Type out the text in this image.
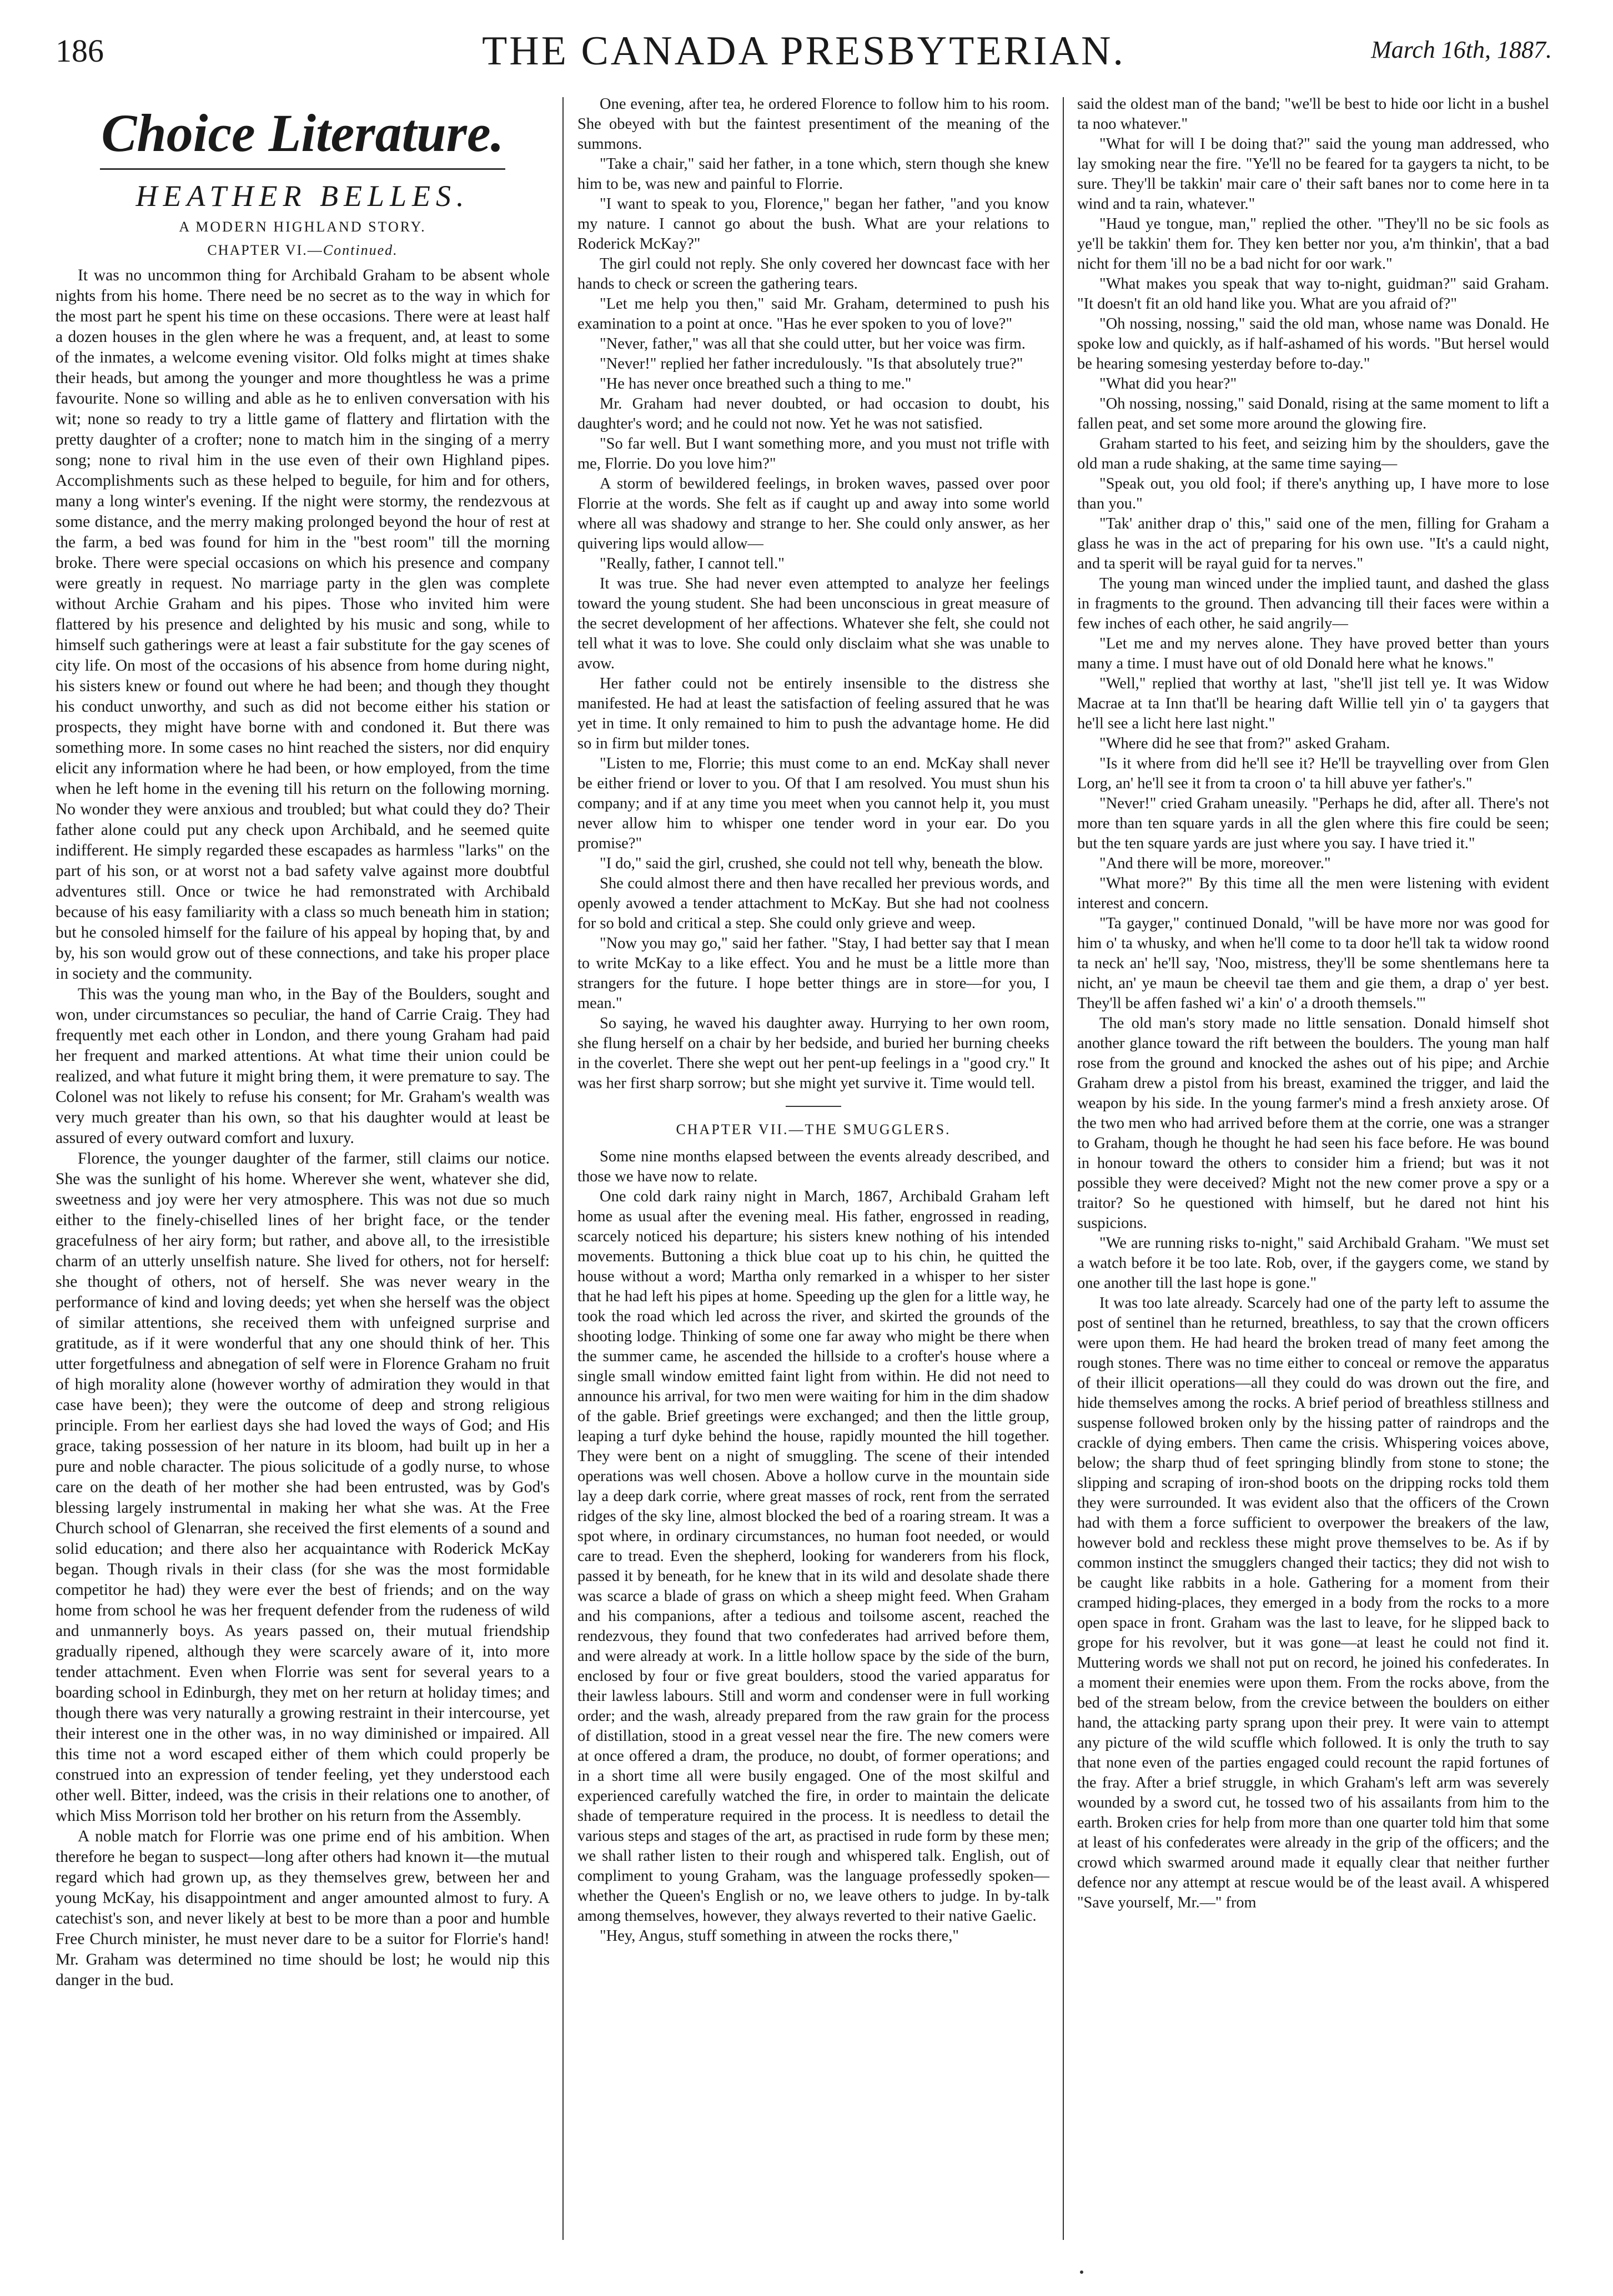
186	THE CANADA PRESBYTERIAN.	March 16th, 1887.
Choice Literature.
HEATHER BELLES.
A MODERN HIGHLAND STORY.
CHAPTER VI.—Continued.

It was no uncommon thing for Archibald Graham to be absent whole nights from his home. There need be no secret as to the way in which for the most part he spent his time on these occasions. There were at least half a dozen houses in the glen where he was a frequent, and, at least to some of the inmates, a welcome evening visitor. Old folks might at times shake their heads, but among the younger and more thoughtless he was a prime favourite. None so willing and able as he to enliven conversation with his wit; none so ready to try a little game of flattery and flirtation with the pretty daughter of a crofter; none to match him in the singing of a merry song; none to rival him in the use even of their own Highland pipes. Accomplishments such as these helped to beguile, for him and for others, many a long winter's evening. If the night were stormy, the rendezvous at some distance, and the merry making prolonged beyond the hour of rest at the farm, a bed was found for him in the "best room" till the morning broke. There were special occasions on which his presence and company were greatly in request. No marriage party in the glen was complete without Archie Graham and his pipes. Those who invited him were flattered by his presence and delighted by his music and song, while to himself such gatherings were at least a fair substitute for the gay scenes of city life. On most of the occasions of his absence from home during night, his sisters knew or found out where he had been; and though they thought his conduct unworthy, and such as did not become either his station or prospects, they might have borne with and condoned it. But there was something more. In some cases no hint reached the sisters, nor did enquiry elicit any information where he had been, or how employed, from the time when he left home in the evening till his return on the following morning. No wonder they were anxious and troubled; but what could they do? Their father alone could put any check upon Archibald, and he seemed quite indifferent. He simply regarded these escapades as harmless "larks" on the part of his son, or at worst not a bad safety valve against more doubtful adventures still. Once or twice he had remonstrated with Archibald because of his easy familiarity with a class so much beneath him in station; but he consoled himself for the failure of his appeal by hoping that, by and by, his son would grow out of these connections, and take his proper place in society and the community.

This was the young man who, in the Bay of the Boulders, sought and won, under circumstances so peculiar, the hand of Carrie Craig. They had frequently met each other in London, and there young Graham had paid her frequent and marked attentions. At what time their union could be realized, and what future it might bring them, it were premature to say. The Colonel was not likely to refuse his consent; for Mr. Graham's wealth was very much greater than his own, so that his daughter would at least be assured of every outward comfort and luxury.

Florence, the younger daughter of the farmer, still claims our notice. She was the sunlight of his home. Wherever she went, whatever she did, sweetness and joy were her very atmosphere. This was not due so much either to the finely-chiselled lines of her bright face, or the tender gracefulness of her airy form; but rather, and above all, to the irresistible charm of an utterly unselfish nature. She lived for others, not for herself: she thought of others, not of herself. She was never weary in the performance of kind and loving deeds; yet when she herself was the object of similar attentions, she received them with unfeigned surprise and gratitude, as if it were wonderful that any one should think of her. This utter forgetfulness and abnegation of self were in Florence Graham no fruit of high morality alone (however worthy of admiration they would in that case have been); they were the outcome of deep and strong religious principle. From her earliest days she had loved the ways of God; and His grace, taking possession of her nature in its bloom, had built up in her a pure and noble character. The pious solicitude of a godly nurse, to whose care on the death of her mother she had been entrusted, was by God's blessing largely instrumental in making her what she was. At the Free Church school of Glenarran, she received the first elements of a sound and solid education; and there also her acquaintance with Roderick McKay began. Though rivals in their class (for she was the most formidable competitor he had) they were ever the best of friends; and on the way home from school he was her frequent defender from the rudeness of wild and unmannerly boys. As years passed on, their mutual friendship gradually ripened, although they were scarcely aware of it, into more tender attachment. Even when Florrie was sent for several years to a boarding school in Edinburgh, they met on her return at holiday times; and though there was very naturally a growing restraint in their intercourse, yet their interest one in the other was, in no way diminished or impaired. All this time not a word escaped either of them which could properly be construed into an expression of tender feeling, yet they understood each other well. Bitter, indeed, was the crisis in their relations one to another, of which Miss Morrison told her brother on his return from the Assembly.

A noble match for Florrie was one prime end of his ambition. When therefore he began to suspect—long after others had known it—the mutual regard which had grown up, as they themselves grew, between her and young McKay, his disappointment and anger amounted almost to fury. A catechist's son, and never likely at best to be more than a poor and humble Free Church minister, he must never dare to be a suitor for Florrie's hand! Mr. Graham was determined no time should be lost; he would nip this danger in the bud.

One evening, after tea, he ordered Florence to follow him to his room. She obeyed with but the faintest presentiment of the meaning of the summons.

"Take a chair," said her father, in a tone which, stern though she knew him to be, was new and painful to Florrie.

"I want to speak to you, Florence," began her father, "and you know my nature. I cannot go about the bush. What are your relations to Roderick McKay?"

The girl could not reply. She only covered her downcast face with her hands to check or screen the gathering tears.

"Let me help you then," said Mr. Graham, determined to push his examination to a point at once. "Has he ever spoken to you of love?"

"Never, father," was all that she could utter, but her voice was firm.

"Never!" replied her father incredulously. "Is that absolutely true?"

"He has never once breathed such a thing to me."

Mr. Graham had never doubted, or had occasion to doubt, his daughter's word; and he could not now. Yet he was not satisfied.

"So far well. But I want something more, and you must not trifle with me, Florrie. Do you love him?"

A storm of bewildered feelings, in broken waves, passed over poor Florrie at the words. She felt as if caught up and away into some world where all was shadowy and strange to her. She could only answer, as her quivering lips would allow—

"Really, father, I cannot tell."

It was true. She had never even attempted to analyze her feelings toward the young student. She had been unconscious in great measure of the secret development of her affections. Whatever she felt, she could not tell what it was to love. She could only disclaim what she was unable to avow.

Her father could not be entirely insensible to the distress she manifested. He had at least the satisfaction of feeling assured that he was yet in time. It only remained to him to push the advantage home. He did so in firm but milder tones.

"Listen to me, Florrie; this must come to an end. McKay shall never be either friend or lover to you. Of that I am resolved. You must shun his company; and if at any time you meet when you cannot help it, you must never allow him to whisper one tender word in your ear. Do you promise?"

"I do," said the girl, crushed, she could not tell why, beneath the blow.

She could almost there and then have recalled her previous words, and openly avowed a tender attachment to McKay. But she had not coolness for so bold and critical a step. She could only grieve and weep.

"Now you may go," said her father. "Stay, I had better say that I mean to write McKay to a like effect. You and he must be a little more than strangers for the future. I hope better things are in store—for you, I mean."

So saying, he waved his daughter away. Hurrying to her own room, she flung herself on a chair by her bedside, and buried her burning cheeks in the coverlet. There she wept out her pent-up feelings in a "good cry." It was her first sharp sorrow; but she might yet survive it. Time would tell.

CHAPTER VII.—THE SMUGGLERS.

Some nine months elapsed between the events already described, and those we have now to relate.

One cold dark rainy night in March, 1867, Archibald Graham left home as usual after the evening meal. His father, engrossed in reading, scarcely noticed his departure; his sisters knew nothing of his intended movements. Buttoning a thick blue coat up to his chin, he quitted the house without a word; Martha only remarked in a whisper to her sister that he had left his pipes at home. Speeding up the glen for a little way, he took the road which led across the river, and skirted the grounds of the shooting lodge. Thinking of some one far away who might be there when the summer came, he ascended the hillside to a crofter's house where a single small window emitted faint light from within. He did not need to announce his arrival, for two men were waiting for him in the dim shadow of the gable. Brief greetings were exchanged; and then the little group, leaping a turf dyke behind the house, rapidly mounted the hill together. They were bent on a night of smuggling. The scene of their intended operations was well chosen. Above a hollow curve in the mountain side lay a deep dark corrie, where great masses of rock, rent from the serrated ridges of the sky line, almost blocked the bed of a roaring stream. It was a spot where, in ordinary circumstances, no human foot needed, or would care to tread. Even the shepherd, looking for wanderers from his flock, passed it by beneath, for he knew that in its wild and desolate shade there was scarce a blade of grass on which a sheep might feed. When Graham and his companions, after a tedious and toilsome ascent, reached the rendezvous, they found that two confederates had arrived before them, and were already at work. In a little hollow space by the side of the burn, enclosed by four or five great boulders, stood the varied apparatus for their lawless labours. Still and worm and condenser were in full working order; and the wash, already prepared from the raw grain for the process of distillation, stood in a great vessel near the fire. The new comers were at once offered a dram, the produce, no doubt, of former operations; and in a short time all were busily engaged. One of the most skilful and experienced carefully watched the fire, in order to maintain the delicate shade of temperature required in the process. It is needless to detail the various steps and stages of the art, as practised in rude form by these men; we shall rather listen to their rough and whispered talk. English, out of compliment to young Graham, was the language professedly spoken—whether the Queen's English or no, we leave others to judge. In by-talk among themselves, however, they always reverted to their native Gaelic.

"Hey, Angus, stuff something in atween the rocks there,"

said the oldest man of the band; "we'll be best to hide oor licht in a bushel ta noo whatever."

"What for will I be doing that?" said the young man addressed, who lay smoking near the fire. "Ye'll no be feared for ta gaygers ta nicht, to be sure. They'll be takkin' mair care o' their saft banes nor to come here in ta wind and ta rain, whatever."

"Haud ye tongue, man," replied the other. "They'll no be sic fools as ye'll be takkin' them for. They ken better nor you, a'm thinkin', that a bad nicht for them 'ill no be a bad nicht for oor wark."

"What makes you speak that way to-night, guidman?" said Graham. "It doesn't fit an old hand like you. What are you afraid of?"

"Oh nossing, nossing," said the old man, whose name was Donald. He spoke low and quickly, as if half-ashamed of his words. "But hersel would be hearing somesing yesterday before to-day."

"What did you hear?"

"Oh nossing, nossing," said Donald, rising at the same moment to lift a fallen peat, and set some more around the glowing fire.

Graham started to his feet, and seizing him by the shoulders, gave the old man a rude shaking, at the same time saying—

"Speak out, you old fool; if there's anything up, I have more to lose than you."

"Tak' anither drap o' this," said one of the men, filling for Graham a glass he was in the act of preparing for his own use. "It's a cauld night, and ta sperit will be rayal guid for ta nerves."

The young man winced under the implied taunt, and dashed the glass in fragments to the ground. Then advancing till their faces were within a few inches of each other, he said angrily—

"Let me and my nerves alone. They have proved better than yours many a time. I must have out of old Donald here what he knows."

"Well," replied that worthy at last, "she'll jist tell ye. It was Widow Macrae at ta Inn that'll be hearing daft Willie tell yin o' ta gaygers that he'll see a licht here last night."

"Where did he see that from?" asked Graham.

"Is it where from did he'll see it? He'll be trayvelling over from Glen Lorg, an' he'll see it from ta croon o' ta hill abuve yer father's."

"Never!" cried Graham uneasily. "Perhaps he did, after all. There's not more than ten square yards in all the glen where this fire could be seen; but the ten square yards are just where you say. I have tried it."

"And there will be more, moreover."

"What more?" By this time all the men were listening with evident interest and concern.

"Ta gayger," continued Donald, "will be have more nor was good for him o' ta whusky, and when he'll come to ta door he'll tak ta widow roond ta neck an' he'll say, 'Noo, mistress, they'll be some shentlemans here ta nicht, an' ye maun be cheevil tae them and gie them, a drap o' yer best. They'll be affen fashed wi' a kin' o' a drooth themsels.'"

The old man's story made no little sensation. Donald himself shot another glance toward the rift between the boulders. The young man half rose from the ground and knocked the ashes out of his pipe; and Archie Graham drew a pistol from his breast, examined the trigger, and laid the weapon by his side. In the young farmer's mind a fresh anxiety arose. Of the two men who had arrived before them at the corrie, one was a stranger to Graham, though he thought he had seen his face before. He was bound in honour toward the others to consider him a friend; but was it not possible they were deceived? Might not the new comer prove a spy or a traitor? So he questioned with himself, but he dared not hint his suspicions.

"We are running risks to-night," said Archibald Graham. "We must set a watch before it be too late. Rob, over, if the gaygers come, we stand by one another till the last hope is gone."

It was too late already. Scarcely had one of the party left to assume the post of sentinel than he returned, breathless, to say that the crown officers were upon them. He had heard the broken tread of many feet among the rough stones. There was no time either to conceal or remove the apparatus of their illicit operations—all they could do was drown out the fire, and hide themselves among the rocks. A brief period of breathless stillness and suspense followed broken only by the hissing patter of raindrops and the crackle of dying embers. Then came the crisis. Whispering voices above, below; the sharp thud of feet springing blindly from stone to stone; the slipping and scraping of iron-shod boots on the dripping rocks told them they were surrounded. It was evident also that the officers of the Crown had with them a force sufficient to overpower the breakers of the law, however bold and reckless these might prove themselves to be. As if by common instinct the smugglers changed their tactics; they did not wish to be caught like rabbits in a hole. Gathering for a moment from their cramped hiding-places, they emerged in a body from the rocks to a more open space in front. Graham was the last to leave, for he slipped back to grope for his revolver, but it was gone—at least he could not find it. Muttering words we shall not put on record, he joined his confederates. In a moment their enemies were upon them. From the rocks above, from the bed of the stream below, from the crevice between the boulders on either hand, the attacking party sprang upon their prey. It were vain to attempt any picture of the wild scuffle which followed. It is only the truth to say that none even of the parties engaged could recount the rapid fortunes of the fray. After a brief struggle, in which Graham's left arm was severely wounded by a sword cut, he tossed two of his assailants from him to the earth. Broken cries for help from more than one quarter told him that some at least of his confederates were already in the grip of the officers; and the crowd which swarmed around made it equally clear that neither further defence nor any attempt at rescue would be of the least avail. A whispered "Save yourself, Mr.—" from
